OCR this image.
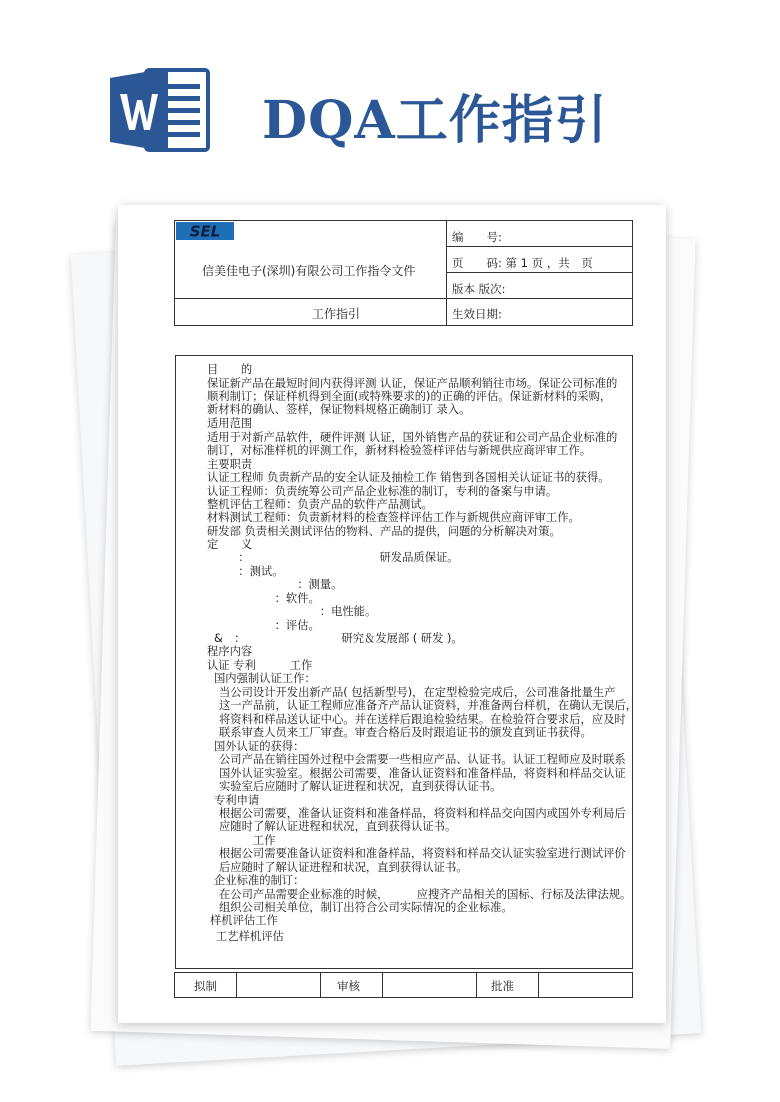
DQA工作指引
SEL
信美佳电子(深圳)有限公司工作指令文件
工作指引
编　　号:
页　　码: 第 1 页 ，共　页
版本 版次:
生效日期:
目　　的
保证新产品在最短时间内获得评测 认证，保证产品顺利销往市场。保证公司标准的
顺利制订；保证样机得到全面(或特殊要求的)的正确的评估。保证新材料的采购，
新材料的确认、签样，保证物料规格正确制订 录入。
适用范围
适用于对新产品软件，硬件评测 认证，国外销售产品的获证和公司产品企业标准的
制订，对标准样机的评测工作，新材料检验签样评估与新规供应商评审工作。
主要职责
认证工程师 负责新产品的安全认证及抽检工作 销售到各国相关认证证书的获得。
认证工程师：负责统筹公司产品企业标准的制订，专利的备案与申请。
整机评估工程师：负责产品的软件产品测试。
材料测试工程师：负责新材料的检查签样评估工作与新规供应商评审工作。
研发部 负责相关测试评估的物料、产品的提供，问题的分析解决对策。
定　　义
　：　　　　　　　　　　　　研发品质保证。
　：测试。
　　　　：测量。
　　：软件。
　　　　　　：电性能。
　　：评估。
&　：　　　　　　　　　研究＆发展部 ( 研发 )。
程序内容
认证 专利　　　工作
国内强制认证工作：
当公司设计开发出新产品( 包括新型号)，在定型检验完成后，公司准备批量生产
这一产品前，认证工程师应准备齐产品认证资料，并准备两台样机，在确认无误后，
将资料和样品送认证中心。并在送样后跟追检验结果。在检验符合要求后，应及时
联系审查人员来工厂审查。审查合格后及时跟追证书的颁发直到证书获得。
国外认证的获得：
公司产品在销往国外过程中会需要一些相应产品、认证书。认证工程师应及时联系
国外认证实验室。根据公司需要，准备认证资料和准备样品，将资料和样品交认证
实验室后应随时了解认证进程和状况，直到获得认证书。
专利申请
根据公司需要，准备认证资料和准备样品，将资料和样品交向国内或国外专利局后
应随时了解认证进程和状况，直到获得认证书。
　　　工作
根据公司需要准备认证资料和准备样品，将资料和样品交认证实验室进行测试评价
后应随时了解认证进程和状况，直到获得认证书。
企业标准的制订：
在公司产品需要企业标准的时候，　　　应搜齐产品相关的国标、行标及法律法规。
组织公司相关单位，制订出符合公司实际情况的企业标准。
样机评估工作
工艺样机评估
拟制	审核	批准
